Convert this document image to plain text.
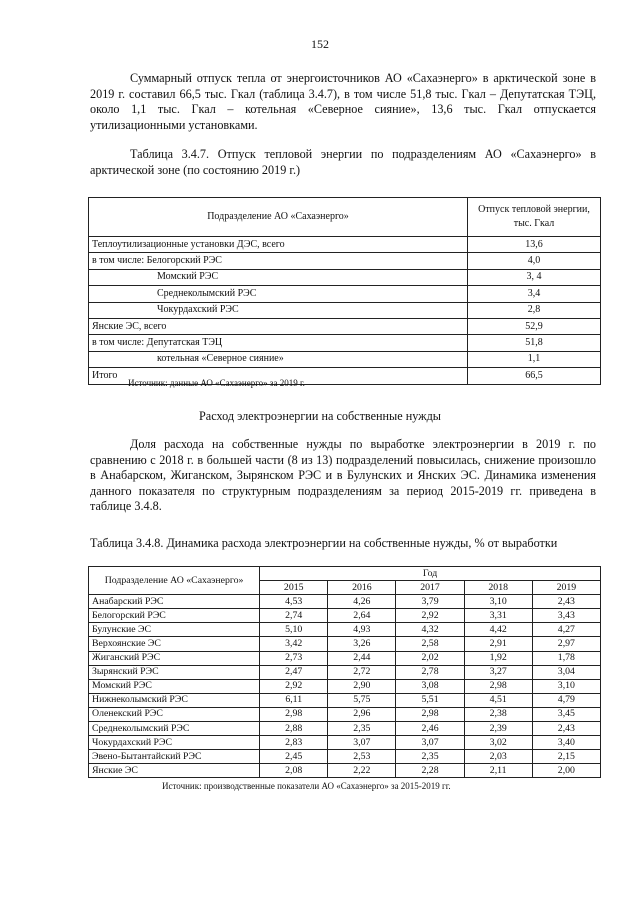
152

Суммарный отпуск тепла от энергоисточников АО «Сахаэнерго» в арктической зоне в 2019 г. составил 66,5 тыс. Гкал (таблица 3.4.7), в том числе 51,8 тыс. Гкал – Депутатская ТЭЦ, около 1,1 тыс. Гкал – котельная «Северное сияние», 13,6 тыс. Гкал отпускается утилизационными установками.

Таблица 3.4.7. Отпуск тепловой энергии по подразделениям АО «Сахаэнерго» в арктической зоне (по состоянию 2019 г.)

Подразделение АО «Сахаэнерго»	Отпуск тепловой энергии, тыс. Гкал
Теплоутилизационные установки ДЭС, всего	13,6
в том числе: Белогорский РЭС	4,0
Момский РЭС	3, 4
Среднеколымский РЭС	3,4
Чокурдахский РЭС	2,8
Янские ЭС, всего	52,9
в том числе: Депутатская ТЭЦ	51,8
котельная «Северное сияние»	1,1
Итого	66,5
Источник: данные АО «Сахаэнерго» за 2019 г.
Расход электроэнергии на собственные нужды

Доля расхода на собственные нужды по выработке электроэнергии в 2019 г. по сравнению с 2018 г. в большей части (8 из 13) подразделений повысилась, снижение произошло в Анабарском, Жиганском, Зырянском РЭС и в Булунских и Янских ЭС. Динамика изменения данного показателя по структурным подразделениям за период 2015-2019 гг. приведена в таблице 3.4.8.

Таблица 3.4.8. Динамика расхода электроэнергии на собственные нужды, % от выработки

Подразделение АО «Сахаэнерго»	Год				
	2015	2016	2017	2018	2019
Анабарский РЭС	4,53	4,26	3,79	3,10	2,43
Белогорский РЭС	2,74	2,64	2,92	3,31	3,43
Булунские ЭС	5,10	4,93	4,32	4,42	4,27
Верхоянские ЭС	3,42	3,26	2,58	2,91	2,97
Жиганский РЭС	2,73	2,44	2,02	1,92	1,78
Зырянский РЭС	2,47	2,72	2,78	3,27	3,04
Момский РЭС	2,92	2,90	3,08	2,98	3,10
Нижнеколымский РЭС	6,11	5,75	5,51	4,51	4,79
Оленекский РЭС	2,98	2,96	2,98	2,38	3,45
Среднеколымский РЭС	2,88	2,35	2,46	2,39	2,43
Чокурдахский РЭС	2,83	3,07	3,07	3,02	3,40
Эвено-Бытантайский РЭС	2,45	2,53	2,35	2,03	2,15
Янские ЭС	2,08	2,22	2,28	2,11	2,00
Источник: производственные показатели АО «Сахаэнерго» за 2015-2019 гг.
